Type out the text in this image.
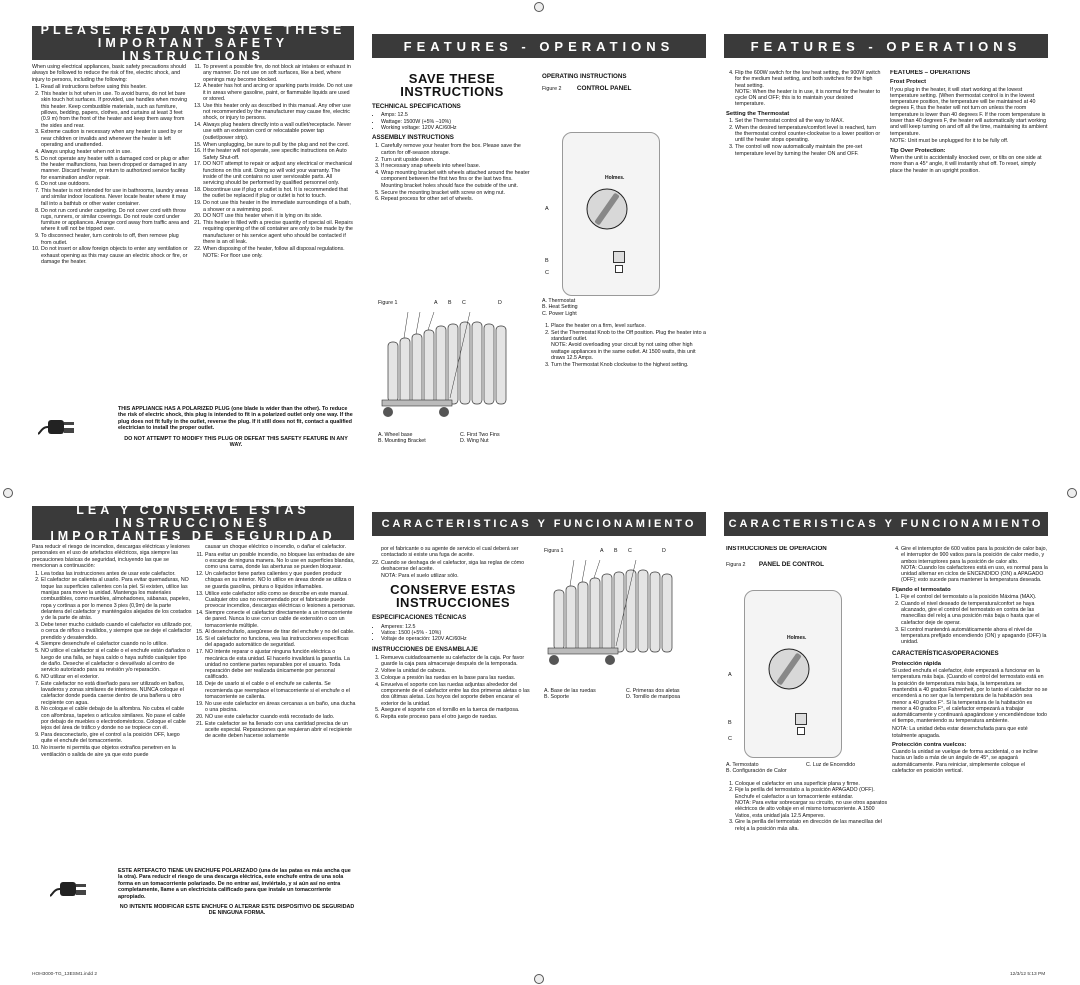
PLEASE READ AND SAVE THESE
IMPORTANT SAFETY INSTRUCTIONS

When using electrical appliances, basic safety precautions should always be followed to reduce the risk of fire, electric shock, and injury to persons, including the following:

1. Read all instructions before using this heater.
2. This heater is hot when in use. To avoid burns, do not let bare skin touch hot surfaces. If provided, use handles when moving this heater. Keep combustible materials, such as furniture, pillows, bedding, papers, clothes, and curtains at least 3 feet (0.9 m) from the front of the heater and keep them away from the sides and rear.
3. Extreme caution is necessary when any heater is used by or near children or invalids and whenever the heater is left operating and unattended.
4. Always unplug heater when not in use.
5. Do not operate any heater with a damaged cord or plug or after the heater malfunctions, has been dropped or damaged in any manner. Discard heater, or return to authorized service facility for examination and/or repair.
6. Do not use outdoors.
7. This heater is not intended for use in bathrooms, laundry areas and similar indoor locations. Never locate heater where it may fall into a bathtub or other water container.
8. Do not run cord under carpeting. Do not cover cord with throw rugs, runners, or similar coverings. Do not route cord under furniture or appliances. Arrange cord away from traffic area and where it will not be tripped over.
9. To disconnect heater, turn controls to off, then remove plug from outlet.
10. Do not insert or allow foreign objects to enter any ventilation or exhaust opening as this may cause an electric shock or fire, or damage the heater.
11. To prevent a possible fire, do not block air intakes or exhaust in any manner. Do not use on soft surfaces, like a bed, where openings may become blocked.
12. A heater has hot and arcing or sparking parts inside. Do not use it in areas where gasoline, paint, or flammable liquids are used or stored.
13. Use this heater only as described in this manual. Any other use not recommended by the manufacturer may cause fire, electric shock, or injury to persons.
14. Always plug heaters directly into a wall outlet/receptacle. Never use with an extension cord or relocatable power tap (outlet/power strip).
15. When unplugging, be sure to pull by the plug and not the cord.
16. If the heater will not operate, see specific instructions on Auto Safety Shut-off.
17. DO NOT attempt to repair or adjust any electrical or mechanical functions on this unit. Doing so will void your warranty. The inside of the unit contains no user serviceable parts. All servicing should be performed by qualified personnel only.
18. Discontinue use if plug or outlet is hot. It is recommended that the outlet be replaced if plug or outlet is hot to touch.
19. Do not use this heater in the immediate surroundings of a bath, a shower or a swimming pool.
20. DO NOT use this heater when it is lying on its side.
21. This heater is filled with a precise quantity of special oil. Repairs requiring opening of the oil container are only to be made by the manufacturer or his service agent who should be contacted if there is an oil leak.
22. When disposing of the heater, follow all disposal regulations.

NOTE: For floor use only.

THIS APPLIANCE HAS A POLARIZED PLUG (one blade is wider than the other). To reduce the risk of electric shock, this plug is intended to fit in a polarized outlet only one way. If the plug does not fit fully in the outlet, reverse the plug. If it still does not fit, contact a qualified electrician to install the proper outlet.

DO NOT ATTEMPT TO MODIFY THIS PLUG OR DEFEAT THIS SAFETY FEATURE IN ANY WAY.

FEATURES - OPERATIONS
SAVE THESE
INSTRUCTIONS
TECHNICAL SPECIFICATIONS
• Amps: 12.5
• Wattage: 1500W (+5% –10%)
• Working voltage: 120V AC/60Hz
ASSEMBLY INSTRUCTIONS
1. Carefully remove your heater from the box. Please save the carton for off-season storage.
2. Turn unit upside down.
3. If necessary snap wheels into wheel base.
4. Wrap mounting bracket with wheels attached around the heater component between the first two fins or the last two fins. Mounting bracket holes should face the outside of the unit.
5. Secure the mounting bracket with screw on wing nut.
6. Repeat process for other set of wheels.
Figure 1	A B C	D
A. Wheel base	C. First Two Fins
B. Mounting Bracket	D. Wing Nut
OPERATING INSTRUCTIONS
Figure 2 CONTROL PANEL
Holmes.
A
B
C
A. Thermostat
B. Heat Setting
C. Power Light
1. Place the heater on a firm, level surface.
2. Set the Thermostat Knob to the Off position. Plug the heater into a standard outlet.
NOTE: Avoid overloading your circuit by not using other high wattage appliances in the same outlet. At 1500 watts, this unit draws 12.5 Amps.
3. Turn the Thermostat Knob clockwise to the highest setting.
FEATURES - OPERATIONS
4. Flip the 600W switch for the low heat setting, the 900W switch for the medium heat setting, and both switches for the high heat setting.
NOTE: When the heater is in use, it is normal for the heater to cycle ON and OFF; this is to maintain your desired temperature.
Setting the Thermostat
1. Set the Thermostat control all the way to MAX.
2. When the desired temperature/comfort level is reached, turn the thermostat control counter-clockwise to a lower position or until the heater stops operating.
3. The control will now automatically maintain the pre-set temperature level by turning the heater ON and OFF.
FEATURES – OPERATIONS
Frost Protect

If you plug in the heater, it will start working at the lowest temperature setting. (When thermostat control is in the lowest temperature position, the temperature will be maintained at 40 degrees F, thus the heater will not turn on unless the room temperature is lower than 40 degrees F. If the room temperature is lower than 40 degrees F, the heater will automatically start working and will keep turning on and off all the time, maintaining its ambient temperature.

NOTE: Unit must be unplugged for it to be fully off.

Tip Over Protection:

When the unit is accidentally knocked over, or tilts on one side at more than a 45° angle, it will instantly shut off. To reset, simply place the heater in an upright position.

LEA Y CONSERVE ESTAS INSTRUCCIONES
IMPORTANTES DE SEGURIDAD

Para reducir el riesgo de incendios, descargas eléctricas y lesiones personales en el uso de artefactos eléctricos, siga siempre las precauciones básicas de seguridad, incluyendo las que se mencionan a continuación:

1. Lea todas las instrucciones antes de usar este calefactor.
2. El calefactor se calienta al usarlo. Para evitar quemaduras, NO toque las superficies calientes con la piel. Si existen, utilice las manijas para mover la unidad. Mantenga los materiales combustibles, como muebles, almohadones, sábanas, papeles, ropa y cortinas a por lo menos 3 pies (0,9m) de la parte delantera del calefactor y manténgalos alejados de los costados y de la parte de atrás.
3. Debe tener mucho cuidado cuando el calefactor es utilizado por, o cerca de niños o inválidos, y siempre que se deje el calefactor prendido y desatendido.
4. Siempre desenchufe el calefactor cuando no lo utilice.
5. NO utilice el calefactor si el cable o el enchufe están dañados o luego de una falla, se haya caído o haya sufrido cualquier tipo de daño. Deseche el calefactor o devuélvalo al centro de servicio autorizado para su revisión y/o reparación.
6. NO utilizar en el exterior.
7. Este calefactor no está diseñado para ser utilizado en baños, lavaderos y zonas similares de interiores. NUNCA coloque el calefactor donde pueda caerse dentro de una bañera u otro recipiente con agua.
8. No coloque el cable debajo de la alfombra. No cubra el cable con alfombras, tapetes o artículos similares. No pase el cable por debajo de muebles o electrodomésticos. Coloque el cable lejos del área de tráfico y donde no se tropiece con él.
9. Para desconectarlo, gire el control a la posición OFF, luego quite el enchufe del tomacorriente.
10. No inserte ni permita que objetos extraños penetren en la ventilación o salida de aire ya que esto puede

causar un choque eléctrico o incendio, o dañar el calefactor.

11. Para evitar un posible incendio, no bloquee las entradas de aire o escape de ninguna manera. No lo use en superficies blandas, como una cama, donde las aberturas se pueden bloquear.
12. Un calefactor tiene partes calientes y que pueden producir chispas en su interior. NO lo utilice en áreas donde se utiliza o se guarda gasolina, pintura o líquidos inflamables.
13. Utilice este calefactor sólo como se describe en este manual. Cualquier otro uso no recomendado por el fabricante puede provocar incendios, descargas eléctricas o lesiones a personas.
14. Siempre conecte el calefactor directamente a un tomacorriente de pared. Nunca lo use con un cable de extensión o con un tomacorriente múltiple.
15. Al desenchufarlo, asegúrese de tirar del enchufe y no del cable.
16. Si el calefactor no funciona, vea las instrucciones específicas del apagado automático de seguridad.
17. NO intente reparar o ajustar ninguna función eléctrica o mecánica de esta unidad. El hacerlo invalidará la garantía. La unidad no contiene partes reparables por el usuario. Toda reparación debe ser realizada únicamente por personal calificado.
18. Deje de usarlo si el cable o el enchufe se calienta. Se recomienda que reemplace el tomacorriente si el enchufe o el tomacorriente se calienta.
19. No use este calefactor en áreas cercanas a un baño, una ducha o una piscina.
20. NO use este calefactor cuando está recostado de lado.
21. Este calefactor se ha llenado con una cantidad precisa de un aceite especial. Reparaciones que requieran abrir el recipiente de aceite deben hacerse solamente

ESTE ARTEFACTO TIENE UN ENCHUFE POLARIZADO (una de las patas es más ancha que la otra). Para reducir el riesgo de una descarga eléctrica, este enchufe entra de una sola forma en un tomacorriente polarizado. De no entrar así, inviértalo, y si aún así no entra completamente, llame a un electricista calificado para que instale un tomacorriente apropiado.

NO INTENTE MODIFICAR ESTE ENCHUFE O ALTERAR ESTE DISPOSITIVO DE SEGURIDAD DE NINGUNA FORMA.

CARACTERISTICAS Y FUNCIONAMIENTO

por el fabricante o su agente de servicio el cual deberá ser contactado si existe una fuga de aceite.

22. Cuando se deshaga de el calefactor, siga las reglas de cómo deshacerse del aceite.

NOTA: Para el suelo utilizar sólo.

CONSERVE ESTAS
INSTRUCCIONES
ESPECIFICACIONES TÉCNICAS
• Amperes: 12.5
• Vatios: 1500 (+5% - 10%)
• Voltaje de operación: 120V AC/60Hz
INSTRUCCIONES DE ENSAMBLAJE
1. Remueva cuidadosamente su calefactor de la caja. Por favor guarde la caja para almacenaje después de la temporada.
2. Voltee la unidad de cabeza.
3. Coloque a presión las ruedas en la base para las ruedas.
4. Envuelva el soporte con las ruedas adjuntas alrededor del componente de el calefactor entre las dos primeras aletas o las dos últimas aletas. Los hoyos del soporte deben encarar el exterior de la unidad.
5. Asegure el soporte con el tornillo en la tuerca de mariposa.
6. Repita este proceso para el otro juego de ruedas.
Figura 1	A B C	D
A. Base de las ruedas	C. Primeras dos aletas
B. Soporte	D. Tornillo de mariposa
CARACTERISTICAS Y FUNCIONAMIENTO
INSTRUCCIONES DE OPERACIÓN
Figura 2 PANEL DE CONTROL
Holmes.
A
B
C
A. Termostato	C. Luz de Encendido
B. Configuración de Calor
1. Coloque el calefactor en una superficie plana y firme.
2. Fije la perilla del termostato a la posición APAGADO (OFF). Enchufe el calefactor a un tomacorriente estándar.
NOTA: Para evitar sobrecargar su circuito, no use otros aparatos eléctricos de alto voltaje en el mismo tomacorriente. A 1500 Vatios, esta unidad jala 12.5 Amperes.
3. Gire la perilla del termostato en dirección de las manecillas del reloj a la posición más alta.
4. Gire el interruptor de 600 vatios para la posición de calor bajo, el interruptor de 900 vatios para la posición de calor medio, y ambos interruptores para la posición de calor alto.
NOTA: Cuando los calefactores está en uso, es normal para la unidad alternar en ciclos de ENCENDIDO (ON) a APAGADO (OFF); esto sucede para mantener la temperatura deseada.
Fijando el termostato
1. Fije el control del termostato a la posición Máxima (MAX).
2. Cuando el nivel deseado de temperatura/confort se haya alcanzado, gire el control del termostato en contra de las manecillas del reloj a una posición más baja o hasta que el calefactor deje de operar.
3. El control mantendrá automáticamente ahora el nivel de temperatura prefijado encendiendo (ON) y apagando (OFF) la unidad.
CARACTERÍSTICAS/OPERACIONES
Protección rápida

Si usted enchufa el calefactor, éste empezará a funcionar en la temperatura más baja. (Cuando el control del termostato está en la posición de temperatura más baja, la temperatura se mantendrá a 40 grados Fahrenheit, por lo tanto el calefactor no se encenderá a no ser que la temperatura de la habitación sea menor a 40 grados F°. Si la temperatura de la habitación es menor a 40 grados F°, el calefactor empezará a trabajar automáticamente y continuará apagándose y encendiéndose todo el tiempo, manteniendo su temperatura ambiente.

NOTA: La unidad deba estar desenchufada para que esté totalmente apagada.

Protección contra vuelcos:

Cuando la unidad se vuelque de forma accidental, o se incline hacia un lado a más de un ángulo de 45°, se apagará automáticamente. Para reiniciar, simplemente coloque el calefactor en posición vertical.

HOH3000-TG_13ESM1.indd 2	12/3/12 5:13 PM
